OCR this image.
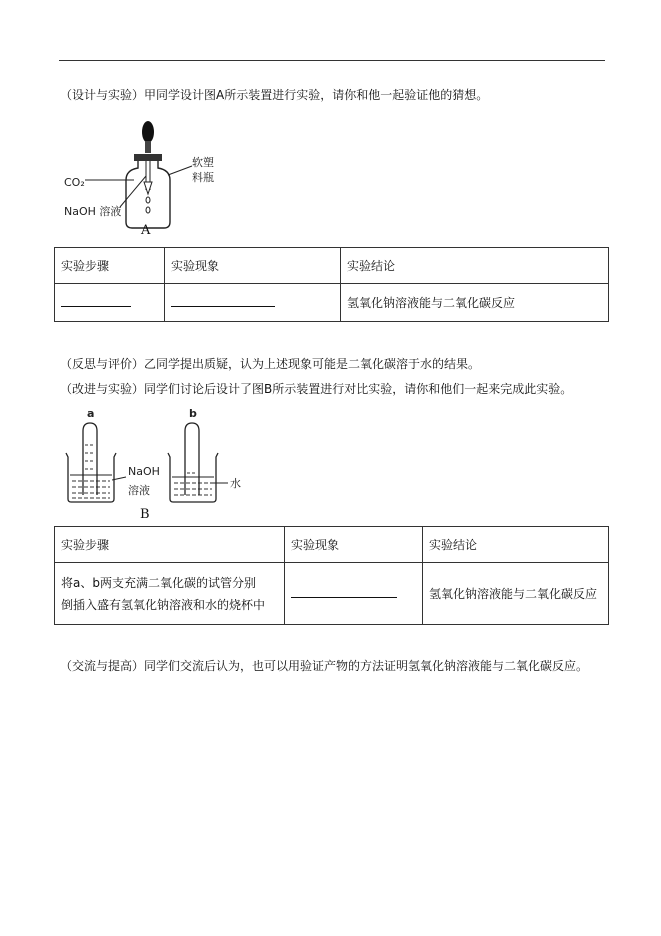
（设计与实验）甲同学设计图A所示装置进行实验，请你和他一起验证他的猜想。
软塑
料瓶
CO₂
NaOH 溶液
A
实验步骤	实验现象	实验结论
		氢氧化钠溶液能与二氧化碳反应
（反思与评价）乙同学提出质疑，认为上述现象可能是二氧化碳溶于水的结果。
（改进与实验）同学们讨论后设计了图B所示装置进行对比实验，请你和他们一起来完成此实验。
a	b
NaOH
溶液
水
B
实验步骤	实验现象	实验结论

将a、b两支充满二氧化碳的试管分别
倒插入盛有氢氧化钠溶液和水的烧杯中		氢氧化钠溶液能与二氧化碳反应
（交流与提高）同学们交流后认为，也可以用验证产物的方法证明氢氧化钠溶液能与二氧化碳反应。
